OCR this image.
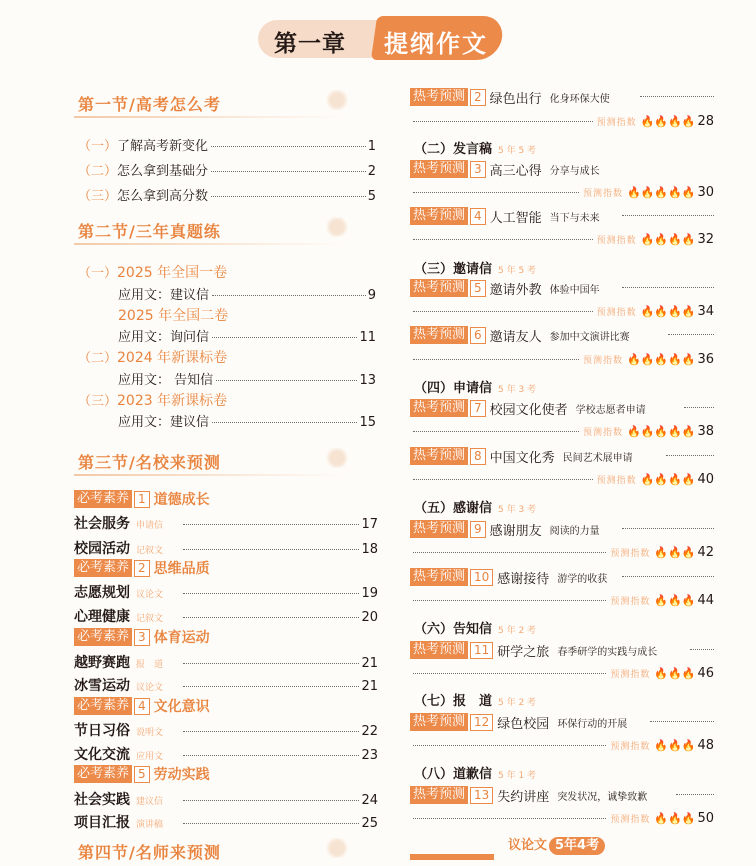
第一章 提纲作文
第一节/高考怎么考
（一） 了解高考新变化	1
（二） 怎么拿到基础分	2
（三） 怎么拿到高分数	5
第二节/三年真题练
（一）2025 年全国一卷
应用文：建议信	9
2025 年全国二卷
应用文：询问信	11
（二）2024 年新课标卷
应用文： 告知信	13
（三）2023 年新课标卷
应用文：建议信	15
第三节/名校来预测
必考素养 1 道德成长
社会服务 申请信	17
校园活动 记叙文	18
必考素养 2 思维品质
志愿规划 议论文	19
心理健康 记叙文	20
必考素养 3 体育运动
越野赛跑 报　道	21
冰雪运动 议论文	21
必考素养 4 文化意识
节日习俗 说明文	22
文化交流 应用文	23
必考素养 5 劳动实践
社会实践 建议信	24
项目汇报 演讲稿	25
第四节/名师来预测
热考预测 2 绿色出行 化身环保大使
预测指数 🔥🔥🔥🔥 28
（二）发言稿 5 年 5 考
热考预测 3 高三心得 分享与成长
预测指数 🔥🔥🔥🔥🔥 30
热考预测 4 人工智能 当下与未来
预测指数 🔥🔥🔥🔥 32
（三）邀请信 5 年 5 考
热考预测 5 邀请外教 体验中国年
预测指数 🔥🔥🔥🔥 34
热考预测 6 邀请友人 参加中文演讲比赛
预测指数 🔥🔥🔥🔥🔥 36
（四）申请信 5 年 3 考
热考预测 7 校园文化使者 学校志愿者申请
预测指数 🔥🔥🔥🔥🔥 38
热考预测 8 中国文化秀 民间艺术展申请
预测指数 🔥🔥🔥🔥 40
（五）感谢信 5 年 3 考
热考预测 9 感谢朋友 阅读的力量
预测指数 🔥🔥🔥 42
热考预测 10 感谢接待 游学的收获
预测指数 🔥🔥🔥 44
（六）告知信 5 年 2 考
热考预测 11 研学之旅 春季研学的实践与成长
预测指数 🔥🔥🔥 46
（七）报　道 5 年 2 考
热考预测 12 绿色校园 环保行动的开展
预测指数 🔥🔥🔥 48
（八）道歉信 5 年 1 考
热考预测 13 失约讲座 突发状况，诚挚致歉
预测指数 🔥🔥🔥 50
议论文 5年4考
